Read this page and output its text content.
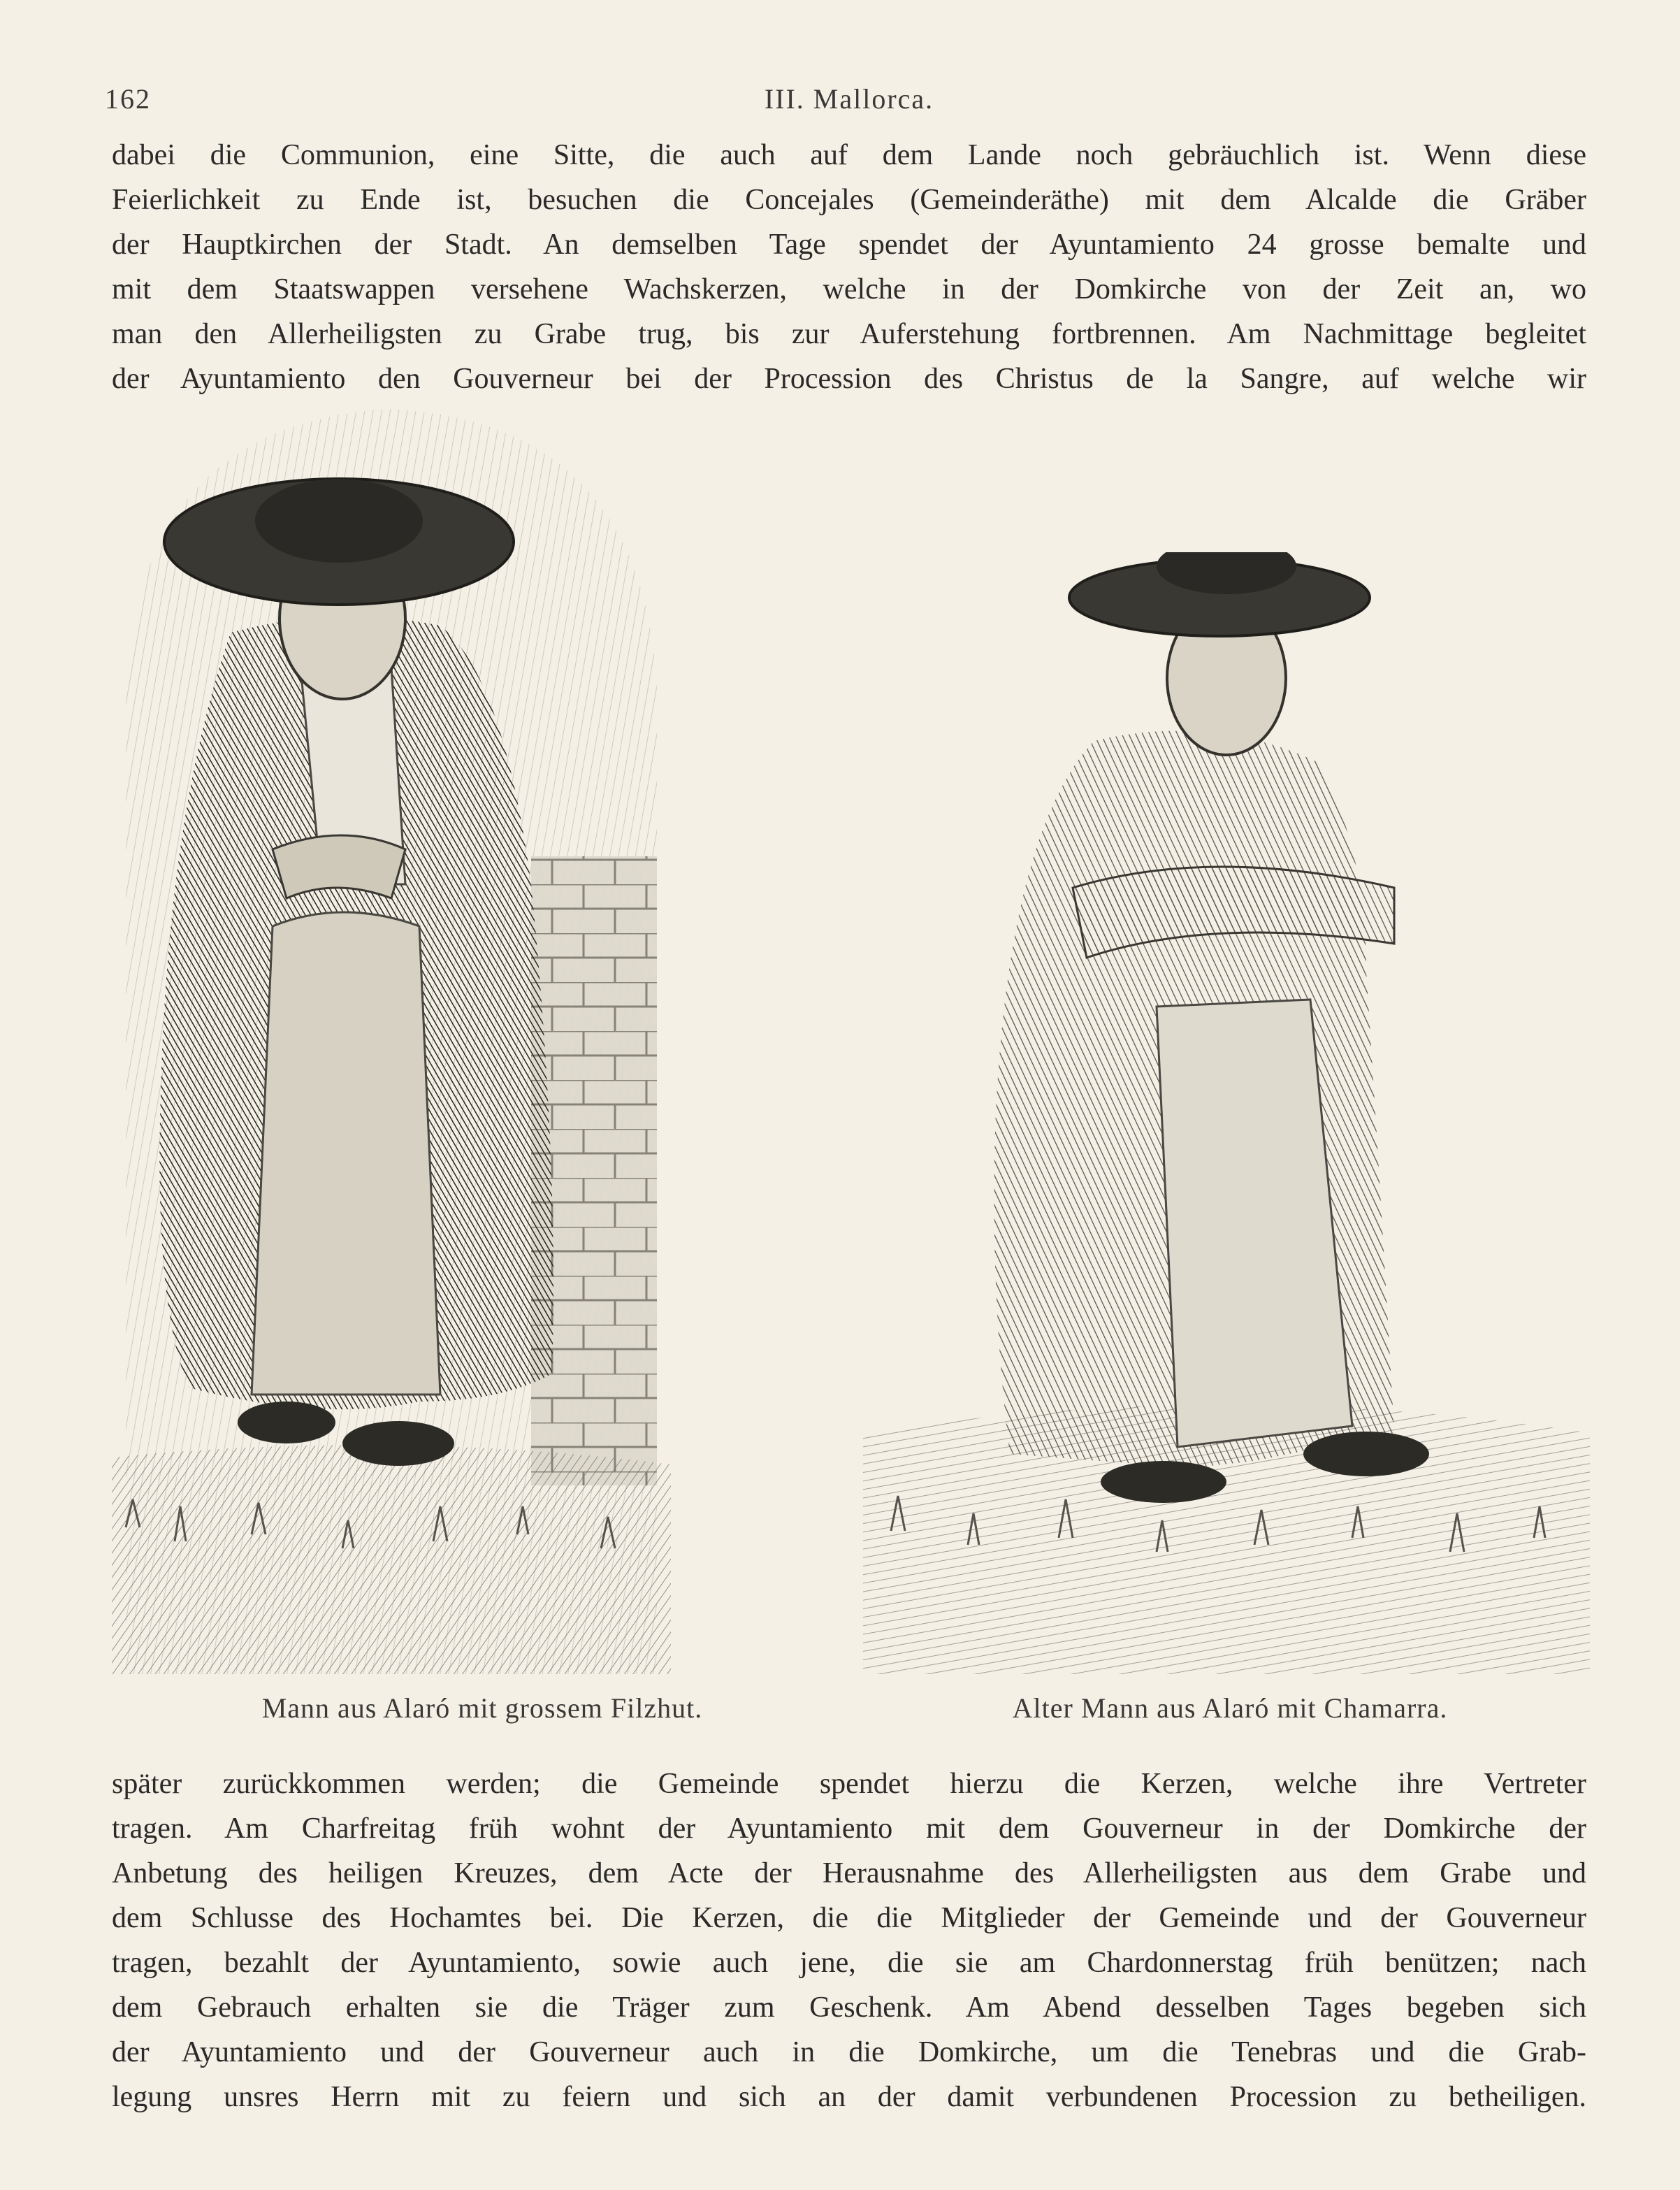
162	III. Mallorca.
dabei die Communion, eine Sitte, die auch auf dem Lande noch gebräuchlich ist. Wenn diese
Feierlichkeit zu Ende ist, besuchen die Concejales (Gemeinderäthe) mit dem Alcalde die Gräber
der Hauptkirchen der Stadt. An demselben Tage spendet der Ayuntamiento 24 grosse bemalte und
mit dem Staatswappen versehene Wachskerzen, welche in der Domkirche von der Zeit an, wo
man den Allerheiligsten zu Grabe trug, bis zur Auferstehung fortbrennen. Am Nachmittage begleitet
der Ayuntamiento den Gouverneur bei der Procession des Christus de la Sangre, auf welche wir
Mann aus Alaró mit grossem Filzhut.	Alter Mann aus Alaró mit Chamarra.
später zurückkommen werden; die Gemeinde spendet hierzu die Kerzen, welche ihre Vertreter
tragen. Am Charfreitag früh wohnt der Ayuntamiento mit dem Gouverneur in der Domkirche der
Anbetung des heiligen Kreuzes, dem Acte der Herausnahme des Allerheiligsten aus dem Grabe und
dem Schlusse des Hochamtes bei. Die Kerzen, die die Mitglieder der Gemeinde und der Gouverneur
tragen, bezahlt der Ayuntamiento, sowie auch jene, die sie am Chardonnerstag früh benützen; nach
dem Gebrauch erhalten sie die Träger zum Geschenk. Am Abend desselben Tages begeben sich
der Ayuntamiento und der Gouverneur auch in die Domkirche, um die Tenebras und die Grab-
legung unsres Herrn mit zu feiern und sich an der damit verbundenen Procession zu betheiligen.
